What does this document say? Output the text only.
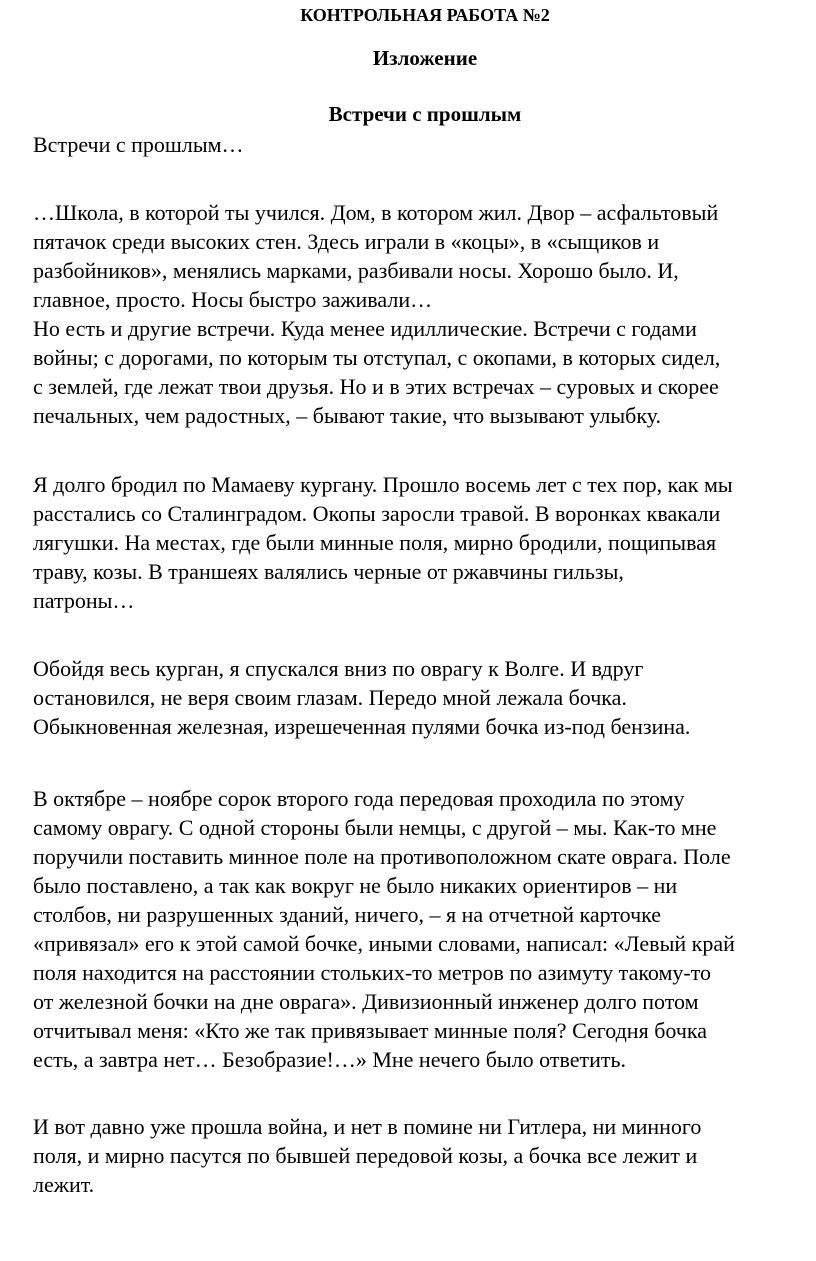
КОНТРОЛЬНАЯ РАБОТА №2
Изложение
Встречи с прошлым

Встречи с прошлым…

…Школа, в которой ты учился. Дом, в котором жил. Двор – асфальтовый
пятачок среди высоких стен. Здесь играли в «коцы», в «сыщиков и
разбойников», менялись марками, разбивали носы. Хорошо было. И,
главное, просто. Носы быстро заживали…
Но есть и другие встречи. Куда менее идиллические. Встречи с годами
войны; с дорогами, по которым ты отступал, с окопами, в которых сидел,
с землей, где лежат твои друзья. Но и в этих встречах – суровых и скорее
печальных, чем радостных, – бывают такие, что вызывают улыбку.

Я долго бродил по Мамаеву кургану. Прошло восемь лет с тех пор, как мы
расстались со Сталинградом. Окопы заросли травой. В воронках квакали
лягушки. На местах, где были минные поля, мирно бродили, пощипывая
траву, козы. В траншеях валялись черные от ржавчины гильзы,
патроны…

Обойдя весь курган, я спускался вниз по оврагу к Волге. И вдруг
остановился, не веря своим глазам. Передо мной лежала бочка.
Обыкновенная железная, изрешеченная пулями бочка из-под бензина.

В октябре – ноябре сорок второго года передовая проходила по этому
самому оврагу. С одной стороны были немцы, с другой – мы. Как-то мне
поручили поставить минное поле на противоположном скате оврага. Поле
было поставлено, а так как вокруг не было никаких ориентиров – ни
столбов, ни разрушенных зданий, ничего, – я на отчетной карточке
«привязал» его к этой самой бочке, иными словами, написал: «Левый край
поля находится на расстоянии стольких-то метров по азимуту такому-то
от железной бочки на дне оврага». Дивизионный инженер долго потом
отчитывал меня: «Кто же так привязывает минные поля? Сегодня бочка
есть, а завтра нет… Безобразие!…» Мне нечего было ответить.

И вот давно уже прошла война, и нет в помине ни Гитлера, ни минного
поля, и мирно пасутся по бывшей передовой козы, а бочка все лежит и
лежит.
